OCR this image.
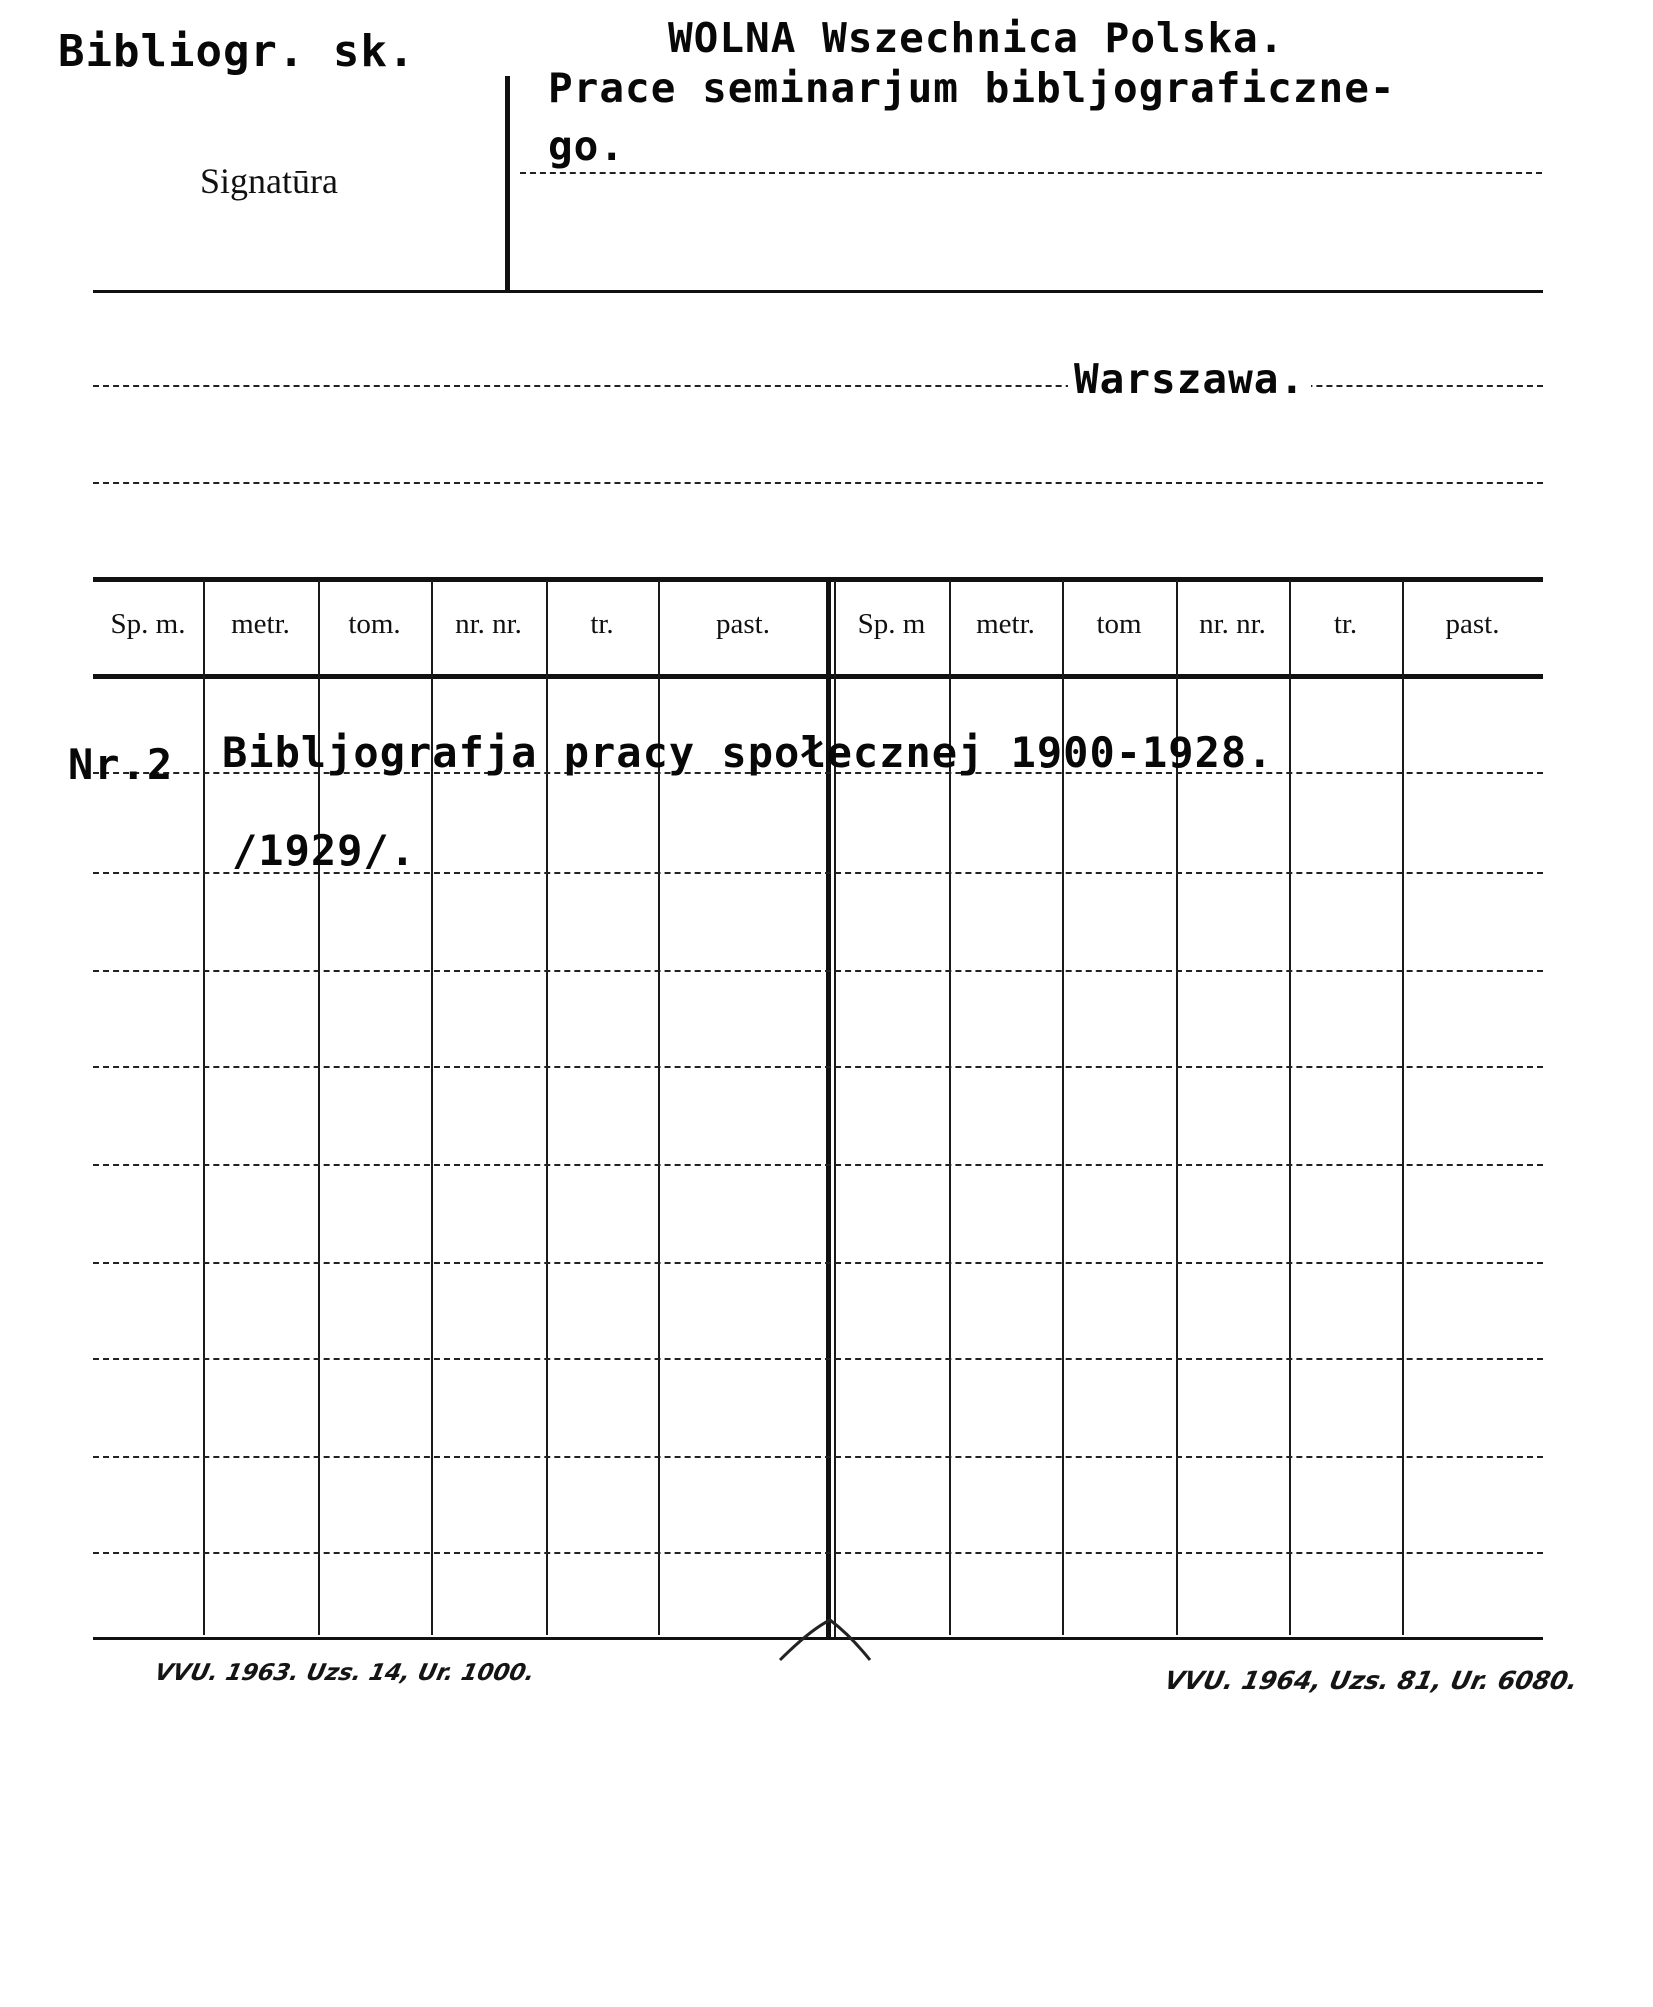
Bibliogr. sk.
Signatūra
WOLNA Wszechnica Polska.
Prace seminarjum bibljograficzne-
go.
Warszawa.
Sp. m.	metr.	tom.	nr. nr.	tr.	past.	Sp. m	metr.	tom	nr. nr.	tr.	past.
Nr.2 Bibljografja pracy społecznej 1900-1928.
/1929/.
VVU. 1963. Uzs. 14, Ur. 1000.	VVU. 1964, Uzs. 81, Ur. 6080.
